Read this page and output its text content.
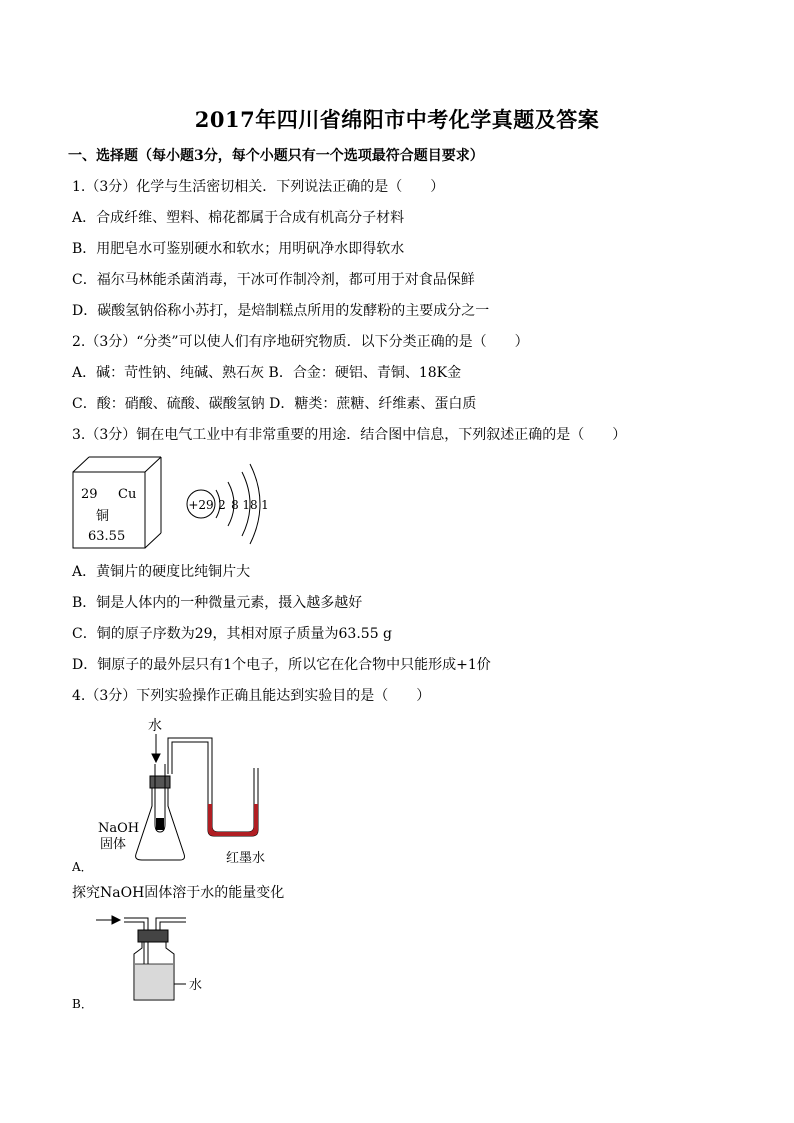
2017年四川省绵阳市中考化学真题及答案
一、选择题（每小题3分，每个小题只有一个选项最符合题目要求）
1.（3分）化学与生活密切相关．下列说法正确的是（　　）
A．合成纤维、塑料、棉花都属于合成有机高分子材料
B．用肥皂水可鉴别硬水和软水；用明矾净水即得软水
C．福尔马林能杀菌消毒，干冰可作制冷剂，都可用于对食品保鲜
D．碳酸氢钠俗称小苏打，是焙制糕点所用的发酵粉的主要成分之一
2.（3分）“分类”可以使人们有序地研究物质．以下分类正确的是（　　）
A．碱：苛性钠、纯碱、熟石灰 B．合金：硬铝、青铜、18K金
C．酸：硝酸、硫酸、碳酸氢钠 D．糖类：蔗糖、纤维素、蛋白质
3.（3分）铜在电气工业中有非常重要的用途．结合图中信息，下列叙述正确的是（　　）
29 Cu
铜
63.55
+29 2 8 18 1
A．黄铜片的硬度比纯铜片大
B．铜是人体内的一种微量元素，摄入越多越好
C．铜的原子序数为29，其相对原子质量为63.55 g
D．铜原子的最外层只有1个电子，所以它在化合物中只能形成+1价
4.（3分）下列实验操作正确且能达到实验目的是（　　）
水
NaOH
固体
红墨水
A．
探究NaOH固体溶于水的能量变化
水
B．
